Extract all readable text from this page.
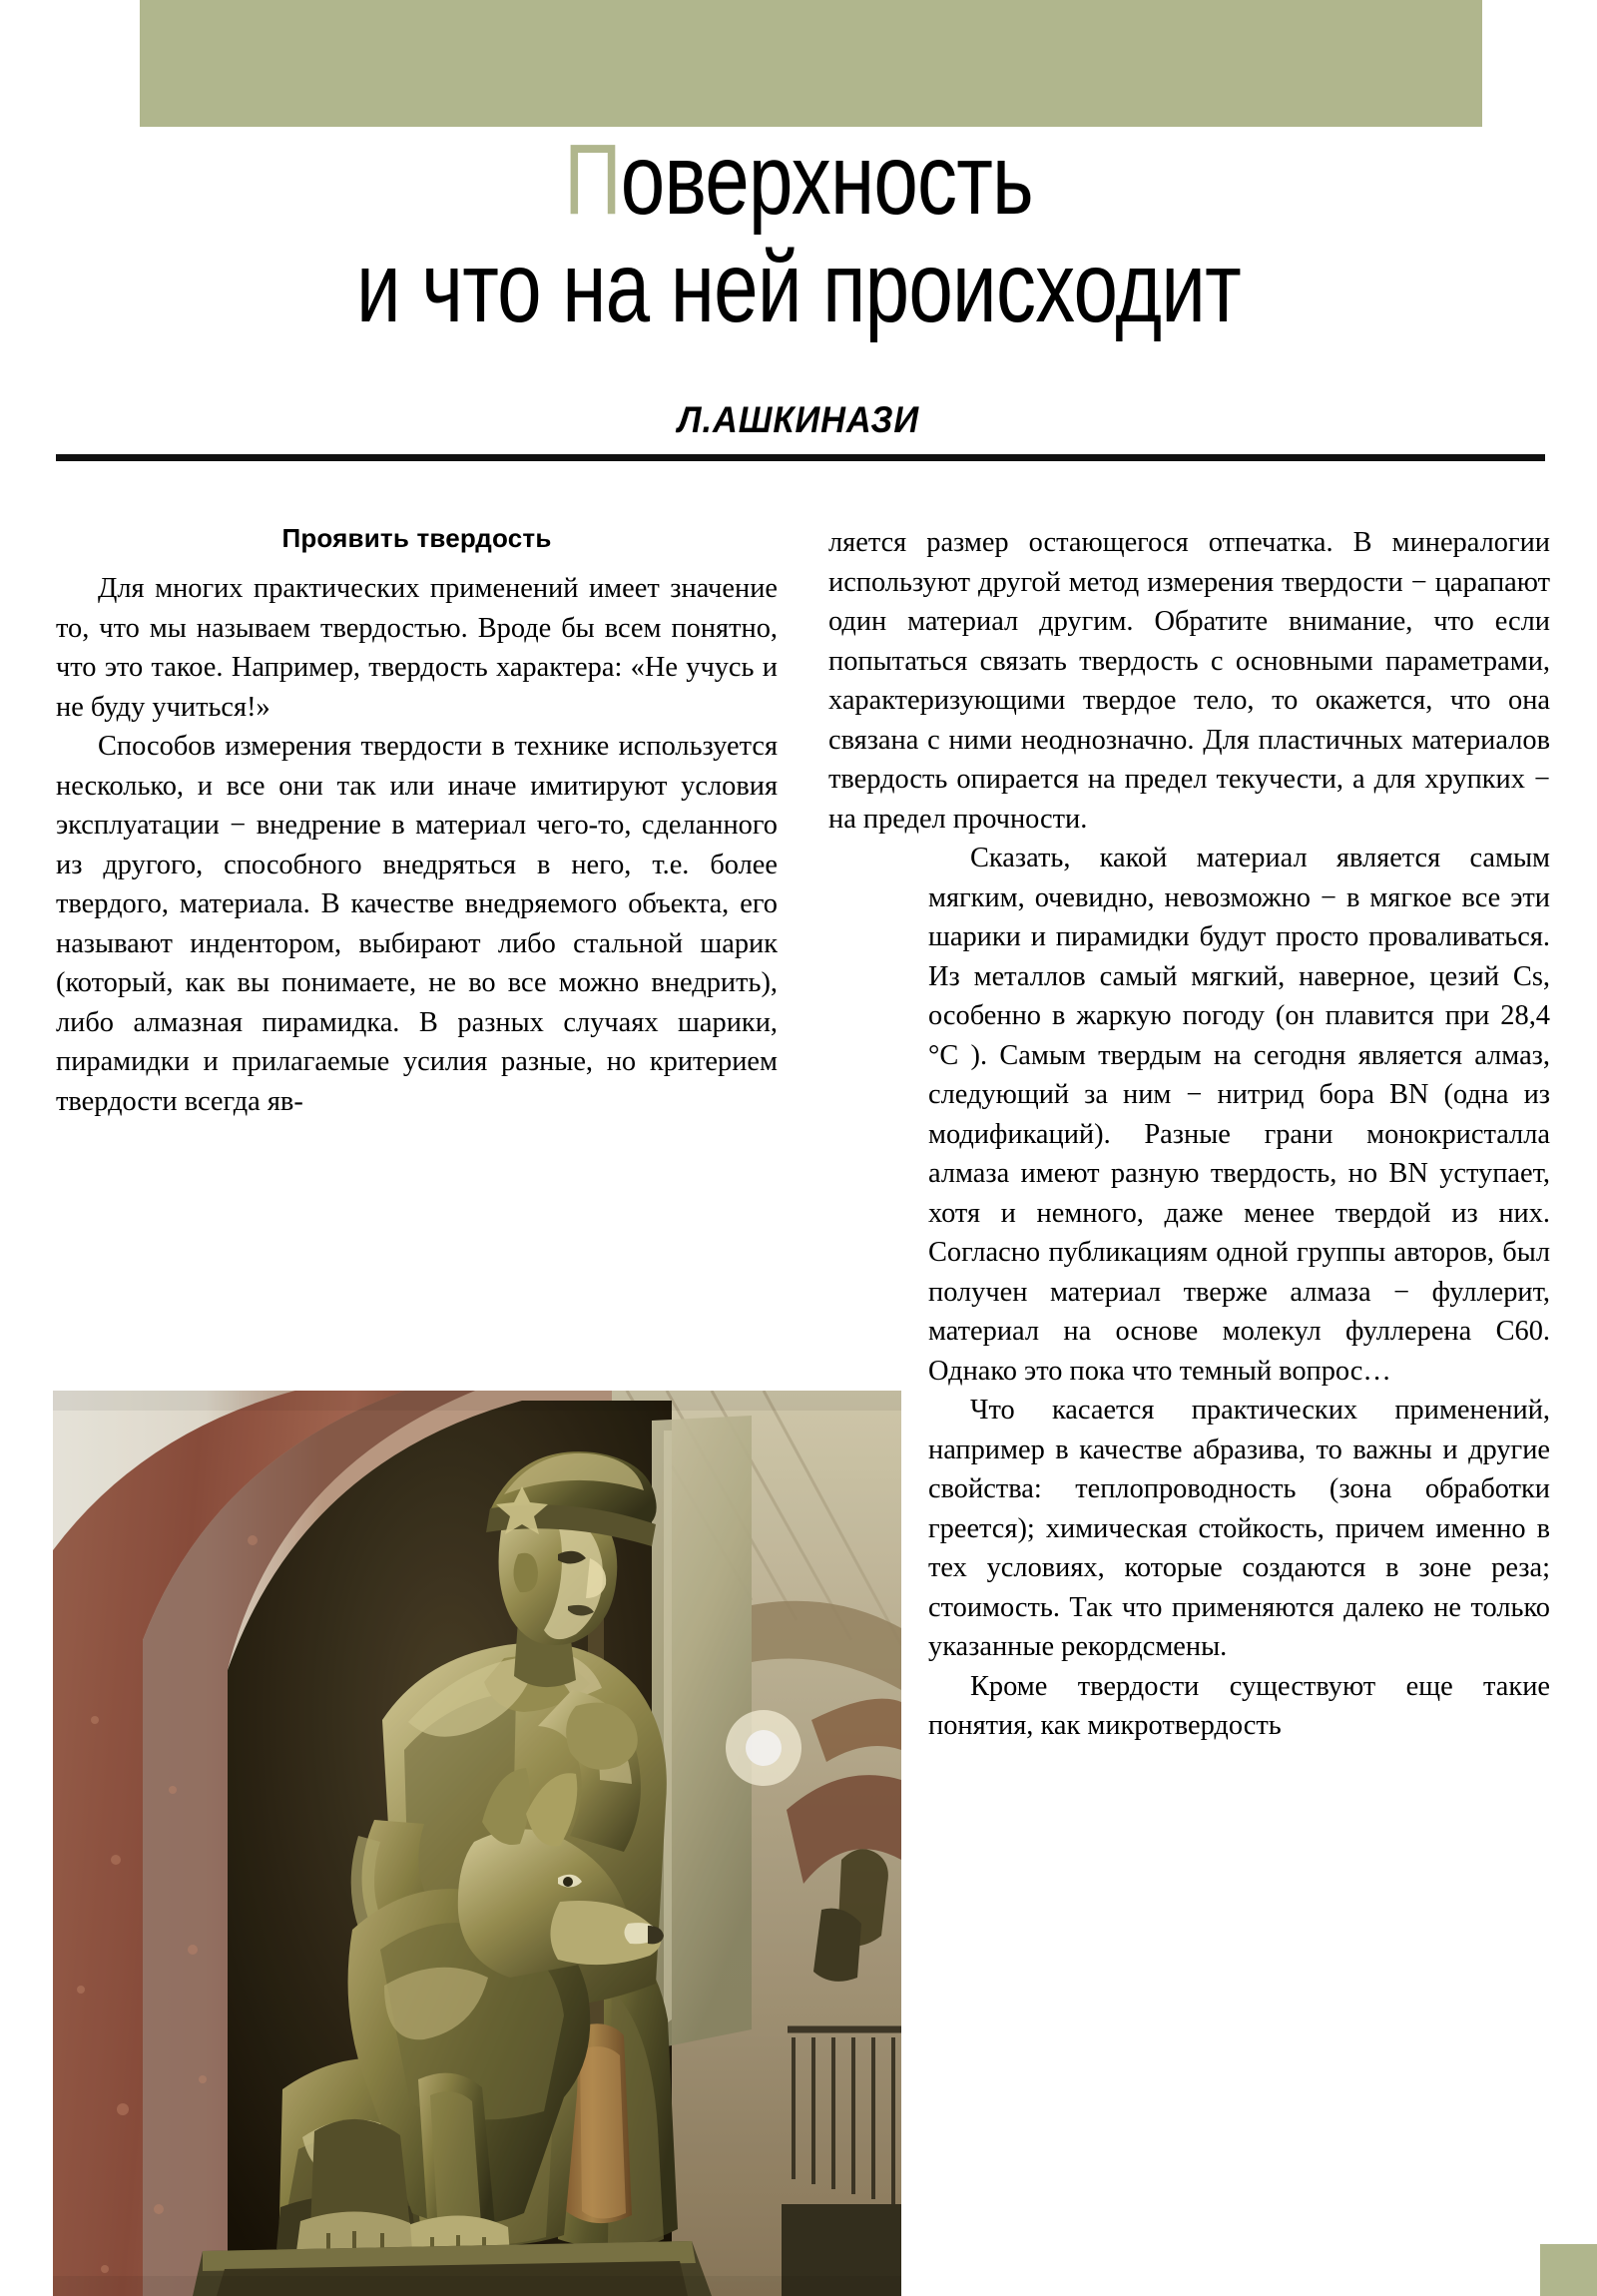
Поверхность
и что на ней происходит
Л.АШКИНАЗИ
Проявить твердость

Для многих практических применений имеет значение то, что мы называем твердостью. Вроде бы всем понятно, что это такое. Например, твердость характера: «Не учусь и не буду учиться!»

Способов измерения твердости в технике используется несколько, и все они так или иначе имитируют условия эксплуатации − внедрение в материал чего-то, сделанного из другого, способного внедряться в него, т.е. более твердого, материала. В качестве внедряемого объекта, его называют индентором, выбирают либо стальной шарик (который, как вы понимаете, не во все можно внедрить), либо алмазная пирамидка. В разных случаях шарики, пирамидки и прилагаемые усилия разные, но критерием твердости всегда яв-

ляется размер остающегося отпечатка. В минералогии используют другой метод измерения твердости − царапают один материал другим. Обратите внимание, что если попытаться связать твердость с основными параметрами, характеризующими твердое тело, то окажется, что она связана с ними неоднозначно. Для пластичных материалов твердость опирается на предел текучести, а для хрупких − на предел прочности.

Сказать, какой материал является самым мягким, очевидно, невозможно − в мягкое все эти шарики и пирамидки будут просто проваливаться. Из металлов самый мягкий, наверное, цезий Cs, особенно в жаркую погоду (он плавится при 28,4 °C ). Самым твердым на сегодня является алмаз, следующий за ним − нитрид бора BN (одна из модификаций). Разные грани монокристалла алмаза имеют разную твердость, но BN уступает, хотя и немного, даже менее твердой из них. Согласно публикациям одной группы авторов, был получен материал тверже алмаза − фуллерит, материал на основе молекул фуллерена С60. Однако это пока что темный вопрос…

Что касается практических применений, например в качестве абразива, то важны и другие свойства: теплопроводность (зона обработки греется); химическая стойкость, причем именно в тех условиях, которые создаются в зоне реза; стоимость. Так что применяются далеко не только указанные рекордсмены.

Кроме твердости существуют еще такие понятия, как микротвердость
